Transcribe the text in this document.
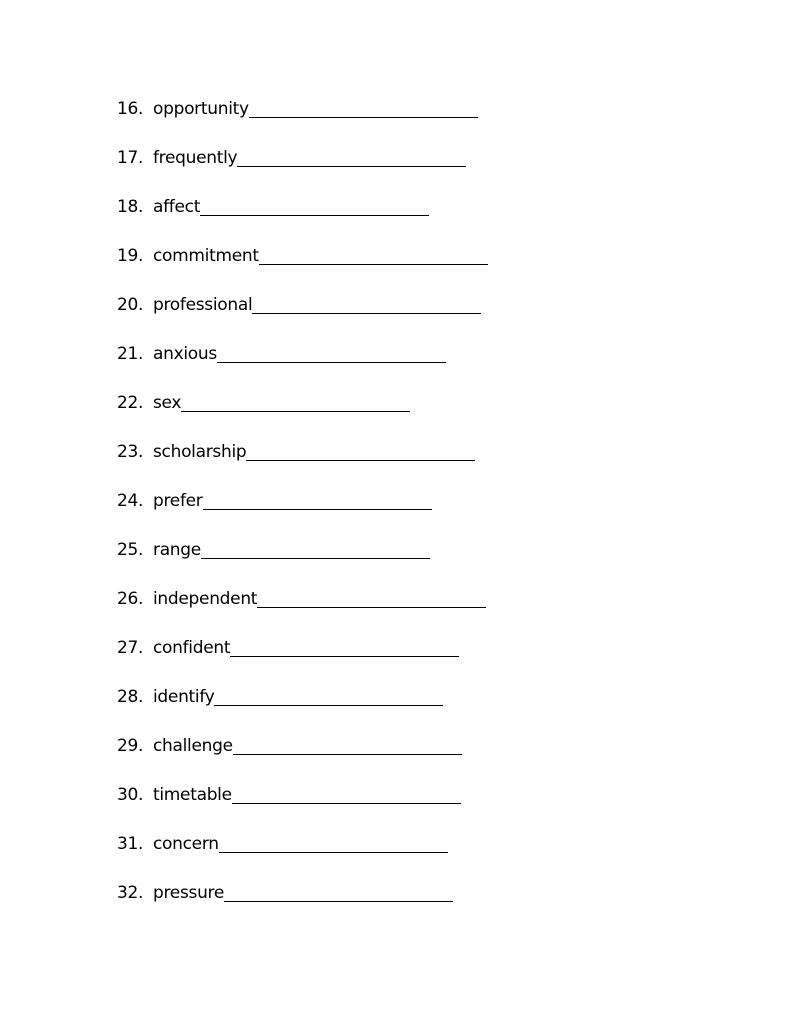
16. opportunity
17. frequently
18. affect
19. commitment
20. professional
21. anxious
22. sex
23. scholarship
24. prefer
25. range
26. independent
27. confident
28. identify
29. challenge
30. timetable
31. concern
32. pressure
